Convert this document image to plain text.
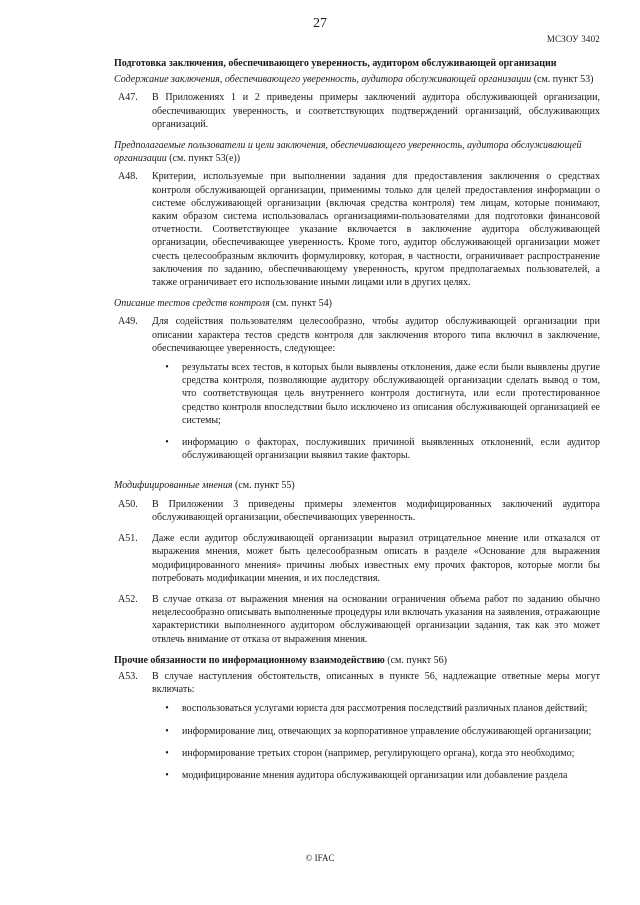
27
МСЗОУ 3402
Подготовка заключения, обеспечивающего уверенность, аудитором обслуживающей организации
Содержание заключения, обеспечивающего уверенность, аудитора обслуживающей организации (см. пункт 53)
A47.	В Приложениях 1 и 2 приведены примеры заключений аудитора обслуживающей организации, обеспечивающих уверенность, и соответствующих подтверждений организаций, обслуживающих организаций.
Предполагаемые пользователи и цели заключения, обеспечивающего уверенность, аудитора обслуживающей организации (см. пункт 53(e))
A48.	Критерии, используемые при выполнении задания для предоставления заключения о средствах контроля обслуживающей организации, применимы только для целей предоставления информации о системе обслуживающей организации (включая средства контроля) тем лицам, которые понимают, каким образом система использовалась организациями-пользователями для подготовки финансовой отчетности. Соответствующее указание включается в заключение аудитора обслуживающей организации, обеспечивающее уверенность. Кроме того, аудитор обслуживающей организации может счесть целесообразным включить формулировку, которая, в частности, ограничивает распространение заключения по заданию, обеспечивающему уверенность, кругом предполагаемых пользователей, а также ограничивает его использование иными лицами или в других целях.
Описание тестов средств контроля (см. пункт 54)
A49.	Для содействия пользователям целесообразно, чтобы аудитор обслуживающей организации при описании характера тестов средств контроля для заключения второго типа включил в заключение, обеспечивающее уверенность, следующее:
•	результаты всех тестов, в которых были выявлены отклонения, даже если были выявлены другие средства контроля, позволяющие аудитору обслуживающей организации сделать вывод о том, что соответствующая цель внутреннего контроля достигнута, или если протестированное средство контроля впоследствии было исключено из описания обслуживающей организацией ее системы;
•	информацию о факторах, послуживших причиной выявленных отклонений, если аудитор обслуживающей организации выявил такие факторы.
Модифицированные мнения (см. пункт 55)
A50.	В Приложении 3 приведены примеры элементов модифицированных заключений аудитора обслуживающей организации, обеспечивающих уверенность.
A51.	Даже если аудитор обслуживающей организации выразил отрицательное мнение или отказался от выражения мнения, может быть целесообразным описать в разделе «Основание для выражения модифицированного мнения» причины любых известных ему прочих факторов, которые могли бы потребовать модификации мнения, и их последствия.
A52.	В случае отказа от выражения мнения на основании ограничения объема работ по заданию обычно нецелесообразно описывать выполненные процедуры или включать указания на заявления, отражающие характеристики выполненного аудитором обслуживающей организации задания, так как это может отвлечь внимание от отказа от выражения мнения.
Прочие обязанности по информационному взаимодействию (см. пункт 56)
A53.	В случае наступления обстоятельств, описанных в пункте 56, надлежащие ответные меры могут включать:
•	воспользоваться услугами юриста для рассмотрения последствий различных планов действий;
•	информирование лиц, отвечающих за корпоративное управление обслуживающей организации;
•	информирование третьих сторон (например, регулирующего органа), когда это необходимо;
•	модифицирование мнения аудитора обслуживающей организации или добавление раздела
© IFAC
